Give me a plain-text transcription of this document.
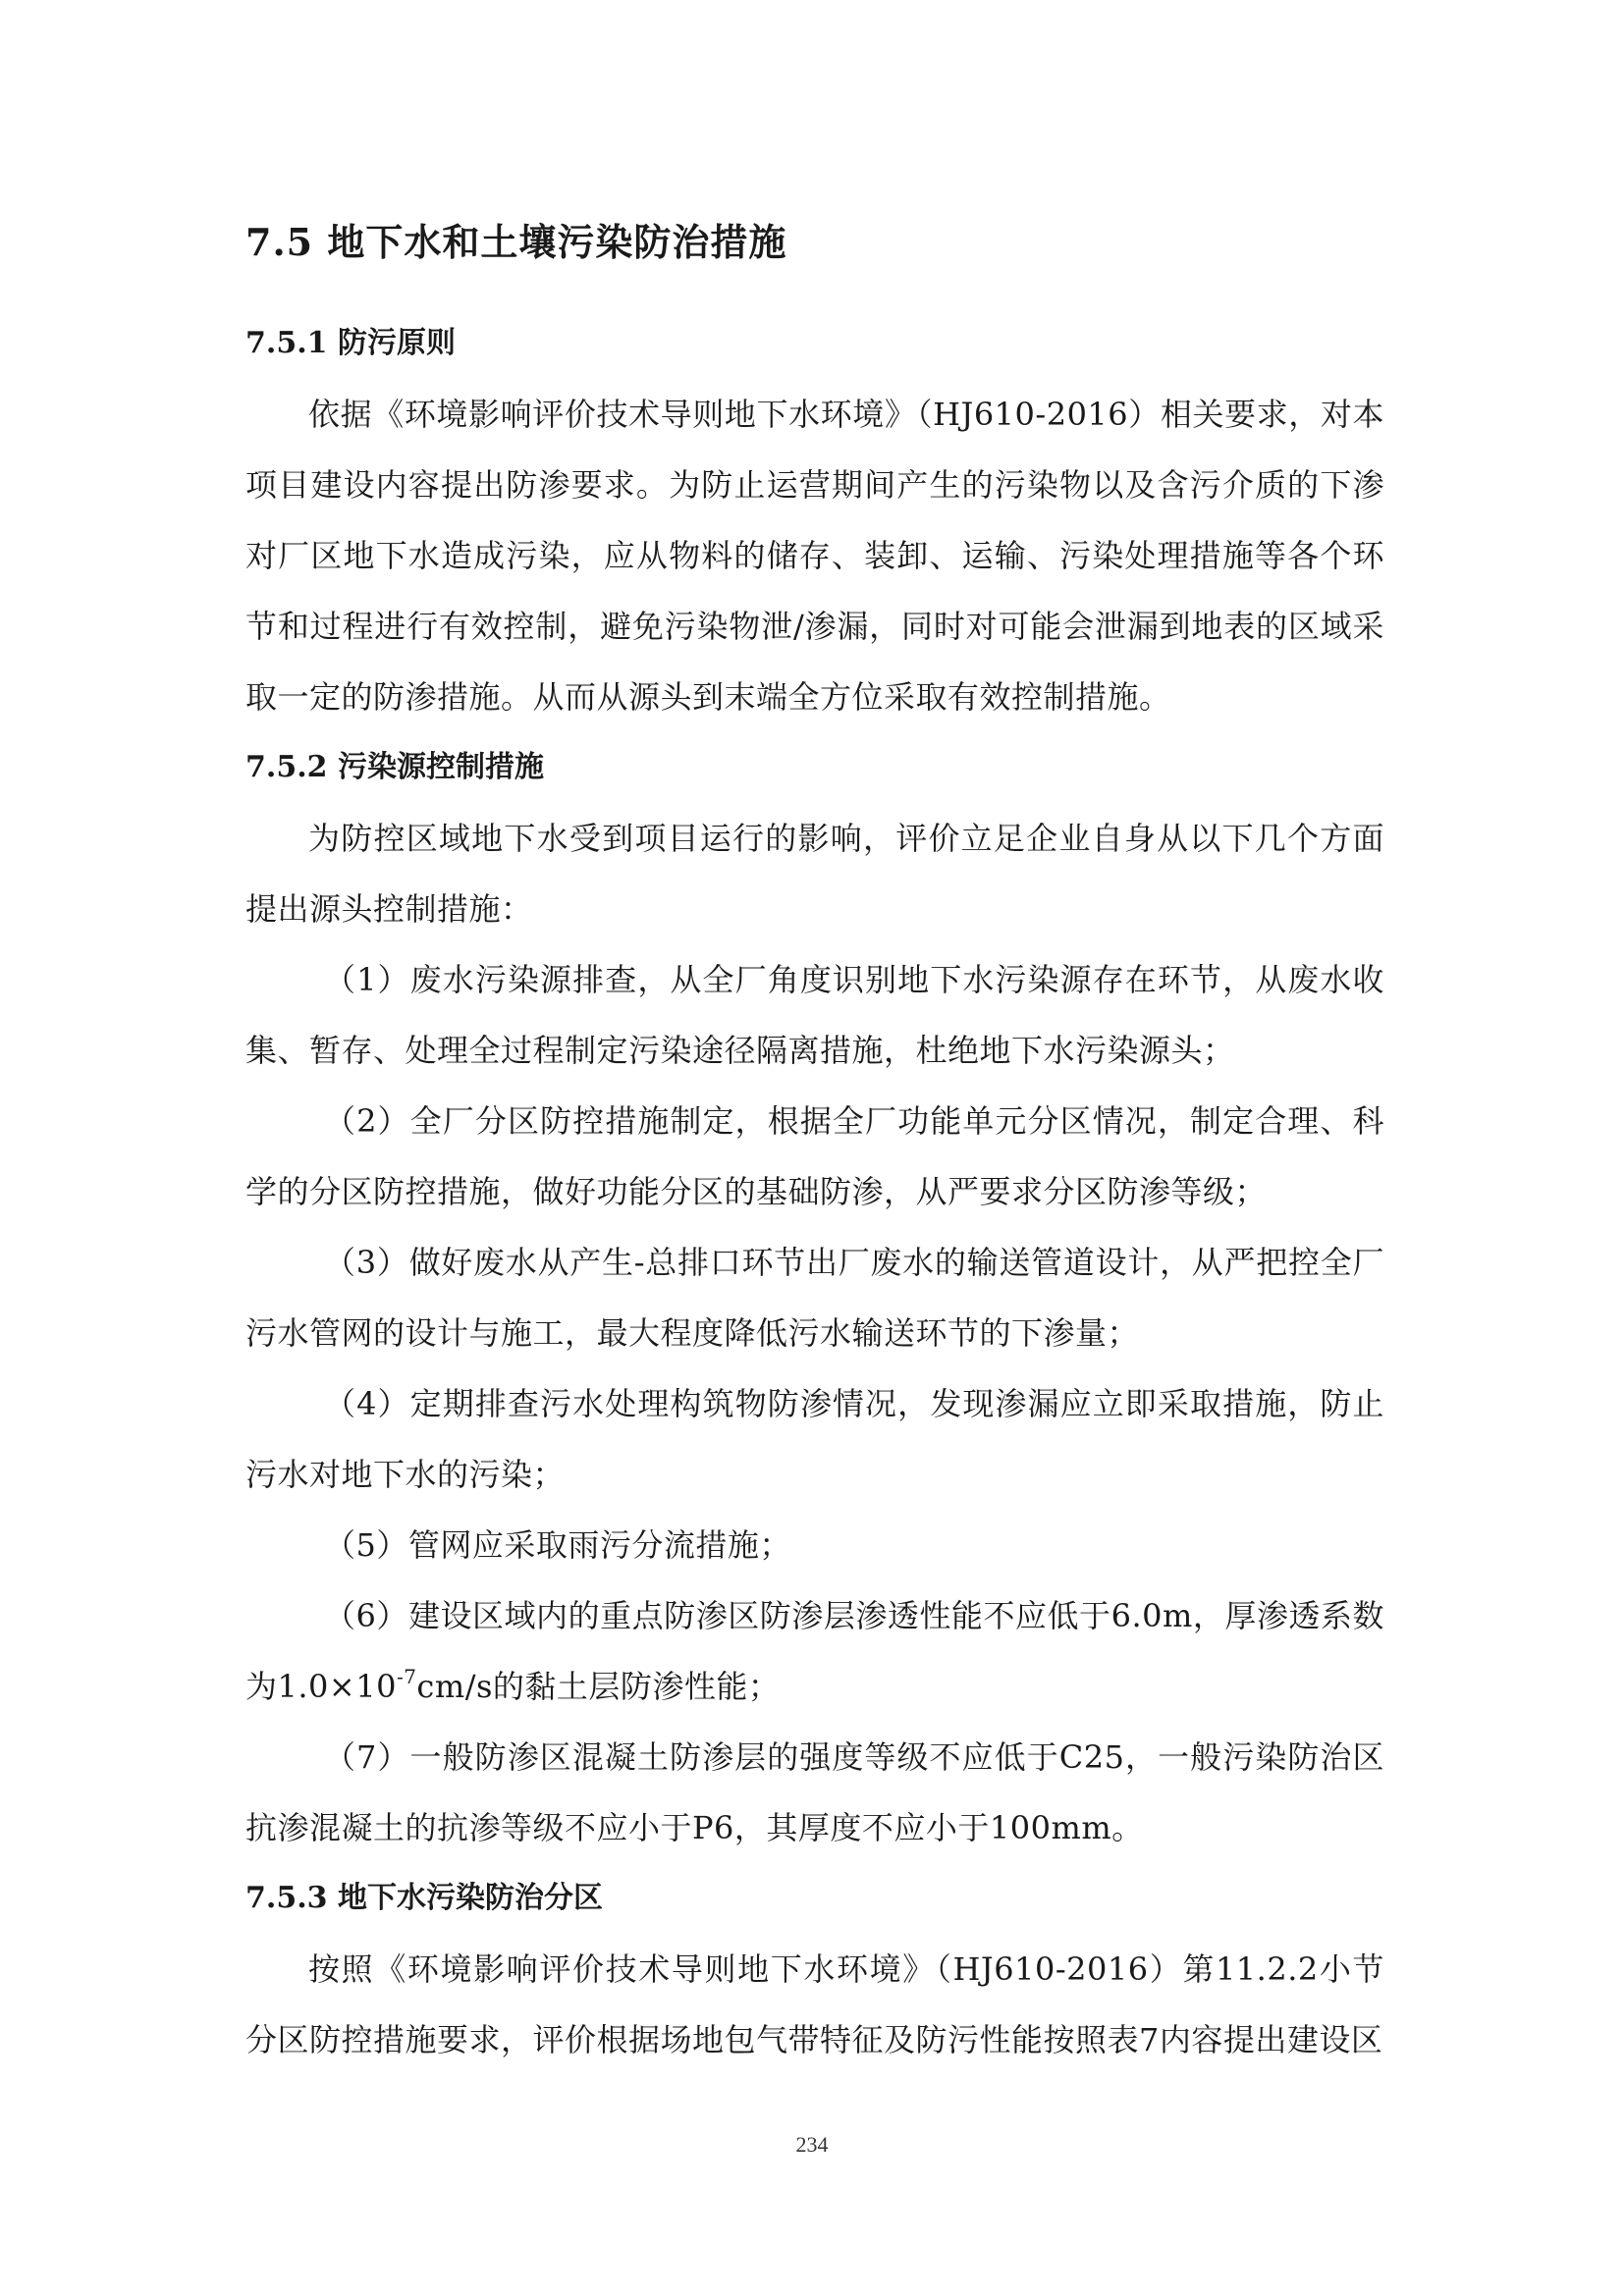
7.5 地下水和土壤污染防治措施
7.5.1 防污原则

依据《环境影响评价技术导则地下水环境》（HJ610-2016）相关要求，对本项目建设内容提出防渗要求。为防止运营期间产生的污染物以及含污介质的下渗对厂区地下水造成污染，应从物料的储存、装卸、运输、污染处理措施等各个环节和过程进行有效控制，避免污染物泄/渗漏，同时对可能会泄漏到地表的区域采取一定的防渗措施。从而从源头到末端全方位采取有效控制措施。

7.5.2 污染源控制措施

为防控区域地下水受到项目运行的影响，评价立足企业自身从以下几个方面提出源头控制措施：

（1）废水污染源排查，从全厂角度识别地下水污染源存在环节，从废水收集、暂存、处理全过程制定污染途径隔离措施，杜绝地下水污染源头；

（2）全厂分区防控措施制定，根据全厂功能单元分区情况，制定合理、科学的分区防控措施，做好功能分区的基础防渗，从严要求分区防渗等级；

（3）做好废水从产生-总排口环节出厂废水的输送管道设计，从严把控全厂污水管网的设计与施工，最大程度降低污水输送环节的下渗量；

（4）定期排查污水处理构筑物防渗情况，发现渗漏应立即采取措施，防止污水对地下水的污染；

（5）管网应采取雨污分流措施；

（6）建设区域内的重点防渗区防渗层渗透性能不应低于6.0m，厚渗透系数为$1.0\times 10^{-7}cm/s$的黏土层防渗性能；

（7）一般防渗区混凝土防渗层的强度等级不应低于C25，一般污染防治区抗渗混凝土的抗渗等级不应小于P6，其厚度不应小于100mm。

7.5.3 地下水污染防治分区

按照《环境影响评价技术导则地下水环境》（HJ610-2016）第11.2.2小节分区防控措施要求，评价根据场地包气带特征及防污性能按照表7内容提出建设区

234
